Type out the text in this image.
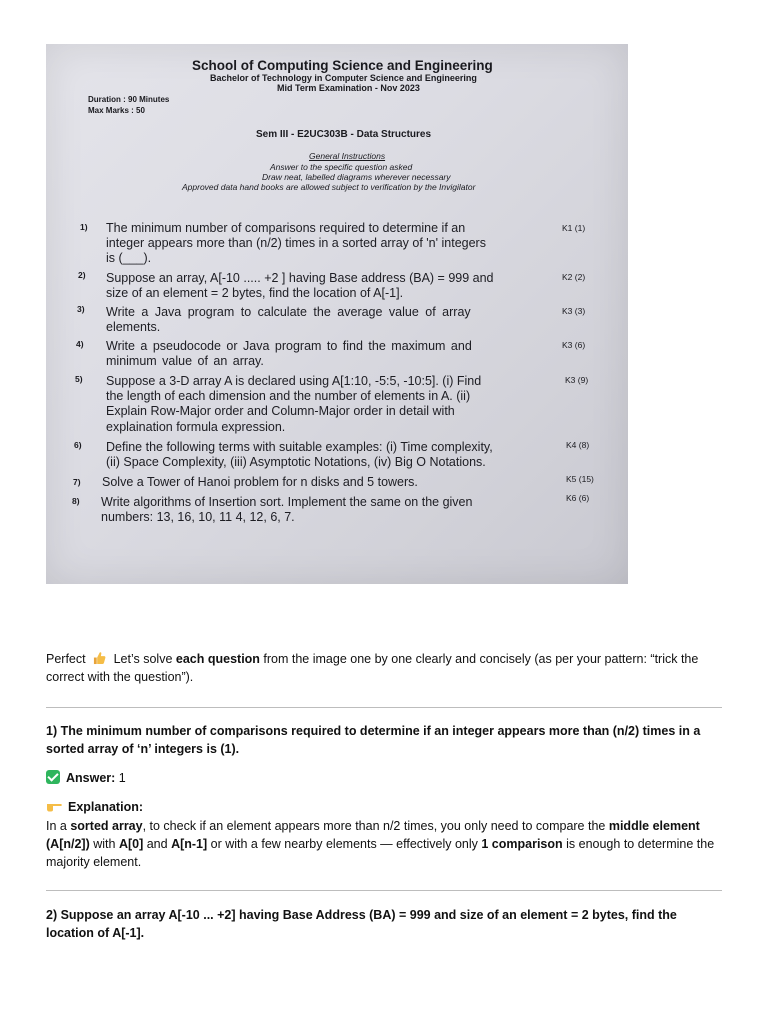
School of Computing Science and Engineering
Bachelor of Technology in Computer Science and Engineering
Mid Term Examination - Nov 2023
Duration : 90 Minutes
Max Marks : 50
Sem III - E2UC303B - Data Structures
General Instructions
Answer to the specific question asked
Draw neat, labelled diagrams wherever necessary
Approved data hand books are allowed subject to verification by the Invigilator
1) The minimum number of comparisons required to determine if an
integer appears more than (n/2) times in a sorted array of 'n' integers
is (___).
K1 (1)
2) Suppose an array, A[-10 ..... +2 ] having Base address (BA) = 999 and
size of an element = 2 bytes, find the location of A[-1].
K2 (2)
3) Write a Java program to calculate the average value of array
elements.
K3 (3)
4) Write a pseudocode or Java program to find the maximum and
minimum value of an array.
K3 (6)
5) Suppose a 3-D array A is declared using A[1:10, -5:5, -10:5]. (i) Find
the length of each dimension and the number of elements in A. (ii)
Explain Row-Major order and Column-Major order in detail with
explaination formula expression.
K3 (9)
6) Define the following terms with suitable examples: (i) Time complexity,
(ii) Space Complexity, (iii) Asymptotic Notations, (iv) Big O Notations.
K4 (8)
7) Solve a Tower of Hanoi problem for n disks and 5 towers.	K5 (15)
8) Write algorithms of Insertion sort. Implement the same on the given
numbers: 13, 16, 10, 11 4, 12, 6, 7.
K6 (6)
Perfect Let’s solve each question from the image one by one clearly and concisely (as per your pattern: “trick the correct with the question”).
1) The minimum number of comparisons required to determine if an integer appears more than (n/2) times in a sorted array of ‘n’ integers is (1).
Answer: 1
Explanation:
In a sorted array, to check if an element appears more than n/2 times, you only need to compare the middle element (A[n/2]) with A[0] and A[n-1] or with a few nearby elements — effectively only 1 comparison is enough to determine the majority element.
2) Suppose an array A[-10 ... +2] having Base Address (BA) = 999 and size of an element = 2 bytes, find the location of A[-1].
